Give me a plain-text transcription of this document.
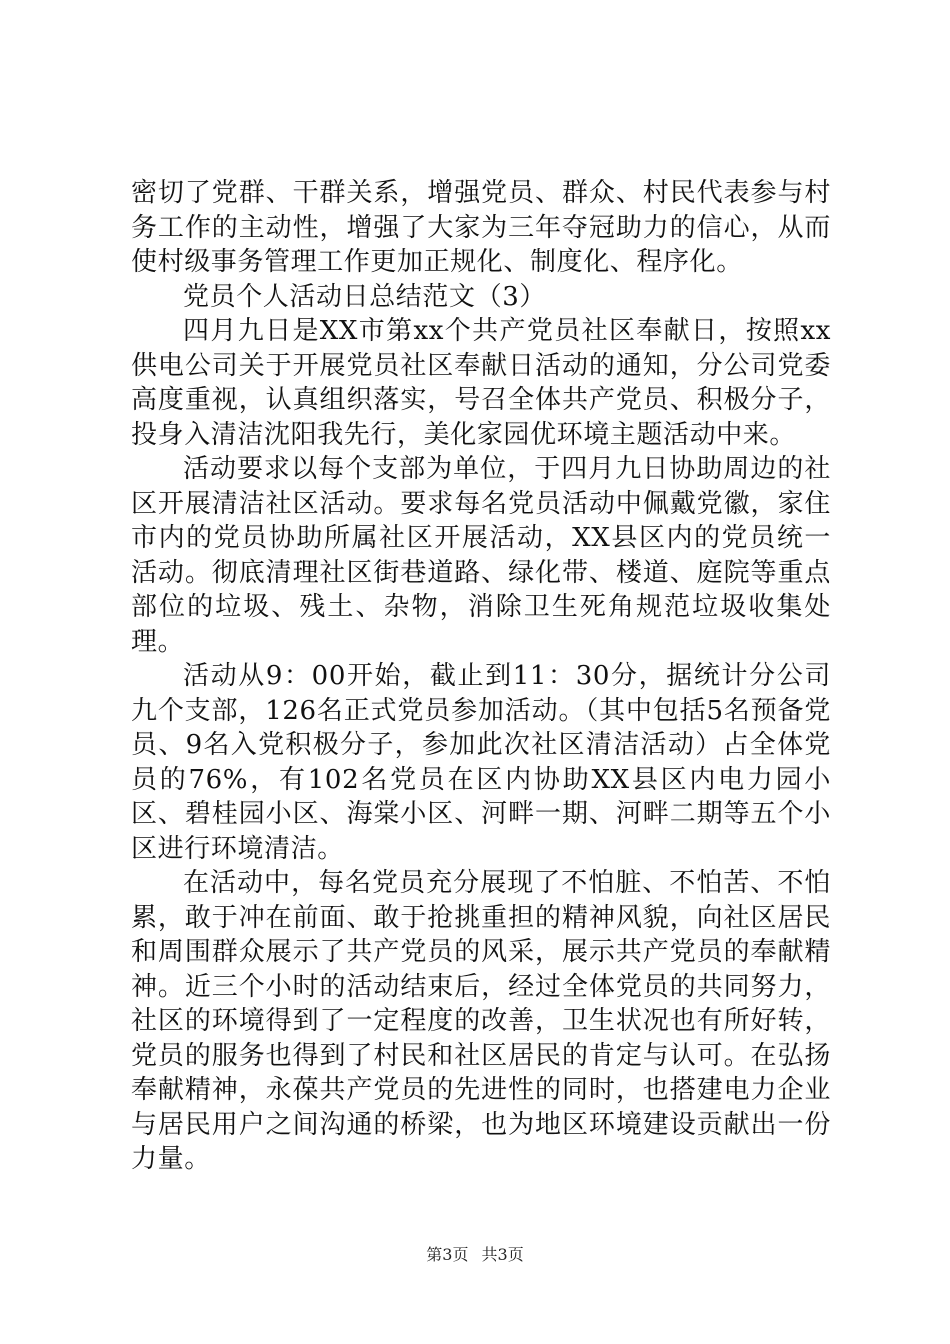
密切了党群、干群关系，增强党员、群众、村民代表参与村务工作的主动性，增强了大家为三年夺冠助力的信心，从而使村级事务管理工作更加正规化、制度化、程序化。

党员个人活动日总结范文（3）

四月九日是XX市第xx个共产党员社区奉献日，按照xx供电公司关于开展党员社区奉献日活动的通知，分公司党委高度重视，认真组织落实，号召全体共产党员、积极分子，投身入清洁沈阳我先行，美化家园优环境主题活动中来。

活动要求以每个支部为单位，于四月九日协助周边的社区开展清洁社区活动。要求每名党员活动中佩戴党徽，家住市内的党员协助所属社区开展活动，XX县区内的党员统一活动。彻底清理社区街巷道路、绿化带、楼道、庭院等重点部位的垃圾、残土、杂物，消除卫生死角规范垃圾收集处理。

活动从9：00开始，截止到11：30分，据统计分公司九个支部，126名正式党员参加活动。（其中包括5名预备党员、9名入党积极分子，参加此次社区清洁活动）占全体党员的76%，有102名党员在区内协助XX县区内电力园小区、碧桂园小区、海棠小区、河畔一期、河畔二期等五个小区进行环境清洁。

在活动中，每名党员充分展现了不怕脏、不怕苦、不怕累，敢于冲在前面、敢于抢挑重担的精神风貌，向社区居民和周围群众展示了共产党员的风采，展示共产党员的奉献精神。近三个小时的活动结束后，经过全体党员的共同努力，社区的环境得到了一定程度的改善，卫生状况也有所好转，党员的服务也得到了村民和社区居民的肯定与认可。在弘扬奉献精神，永葆共产党员的先进性的同时，也搭建电力企业与居民用户之间沟通的桥梁，也为地区环境建设贡献出一份力量。

第3页 共3页
